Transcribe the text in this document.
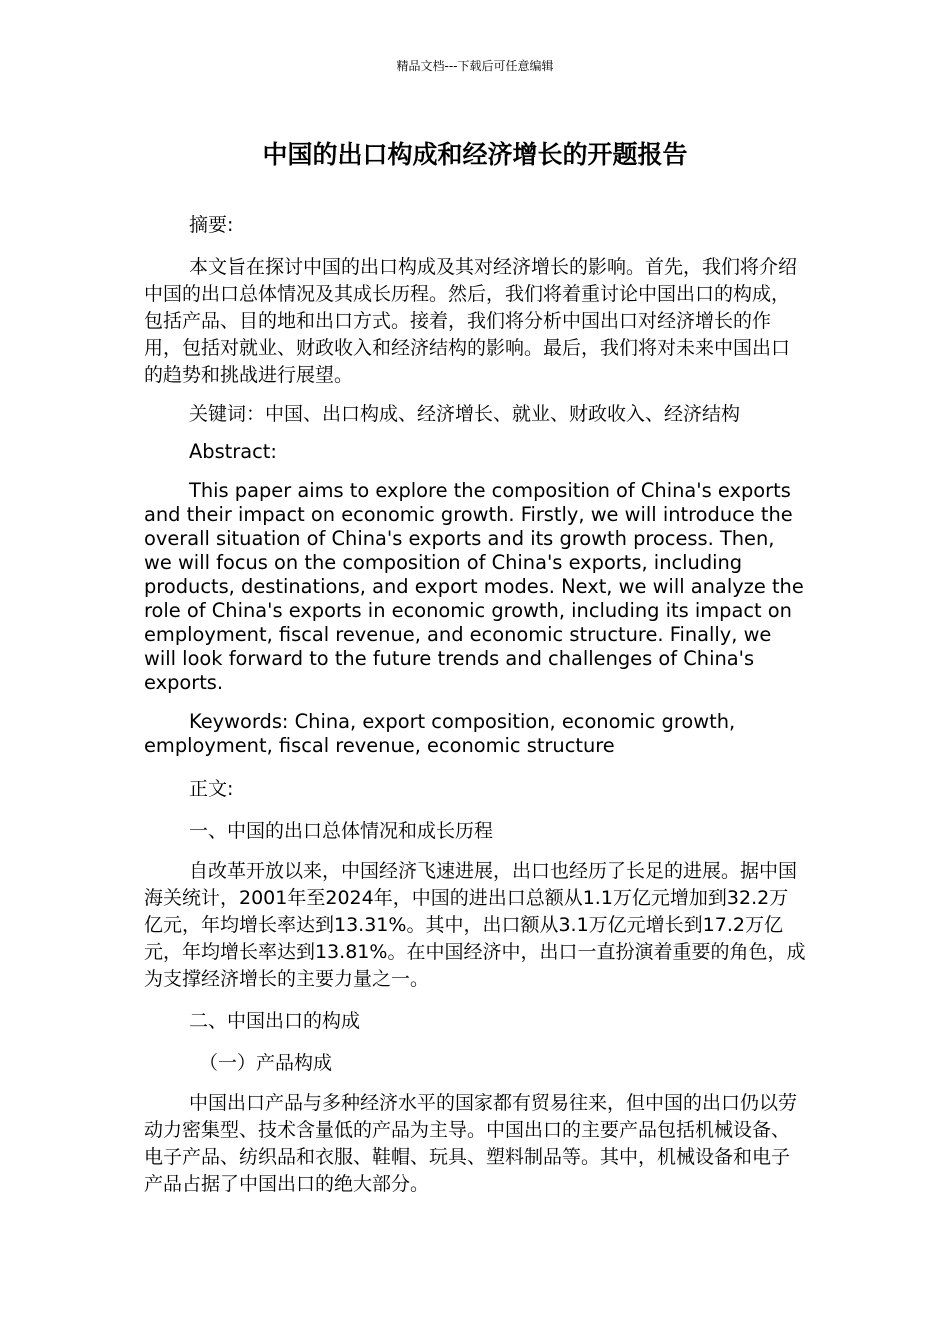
精品文档---下载后可任意编辑
中国的出口构成和经济增长的开题报告

摘要:

本文旨在探讨中国的出口构成及其对经济增长的影响。首先，我们将介绍中国的出口总体情况及其成长历程。然后，我们将着重讨论中国出口的构成，包括产品、目的地和出口方式。接着，我们将分析中国出口对经济增长的作用，包括对就业、财政收入和经济结构的影响。最后，我们将对未来中国出口的趋势和挑战进行展望。

关键词：中国、出口构成、经济增长、就业、财政收入、经济结构

Abstract:

This paper aims to explore the composition of China's exports and their impact on economic growth. Firstly, we will introduce the overall situation of China's exports and its growth process. Then, we will focus on the composition of China's exports, including products, destinations, and export modes. Next, we will analyze the role of China's exports in economic growth, including its impact on employment, fiscal revenue, and economic structure. Finally, we will look forward to the future trends and challenges of China's exports.

Keywords: China, export composition, economic growth, employment, fiscal revenue, economic structure

正文:

一、中国的出口总体情况和成长历程

自改革开放以来，中国经济飞速进展，出口也经历了长足的进展。据中国海关统计，2001年至2024年，中国的进出口总额从1.1万亿元增加到32.2万亿元，年均增长率达到13.31%。其中，出口额从3.1万亿元增长到17.2万亿元，年均增长率达到13.81%。在中国经济中，出口一直扮演着重要的角色，成为支撑经济增长的主要力量之一。

二、中国出口的构成

（一）产品构成

中国出口产品与多种经济水平的国家都有贸易往来，但中国的出口仍以劳动力密集型、技术含量低的产品为主导。中国出口的主要产品包括机械设备、电子产品、纺织品和衣服、鞋帽、玩具、塑料制品等。其中，机械设备和电子产品占据了中国出口的绝大部分。
